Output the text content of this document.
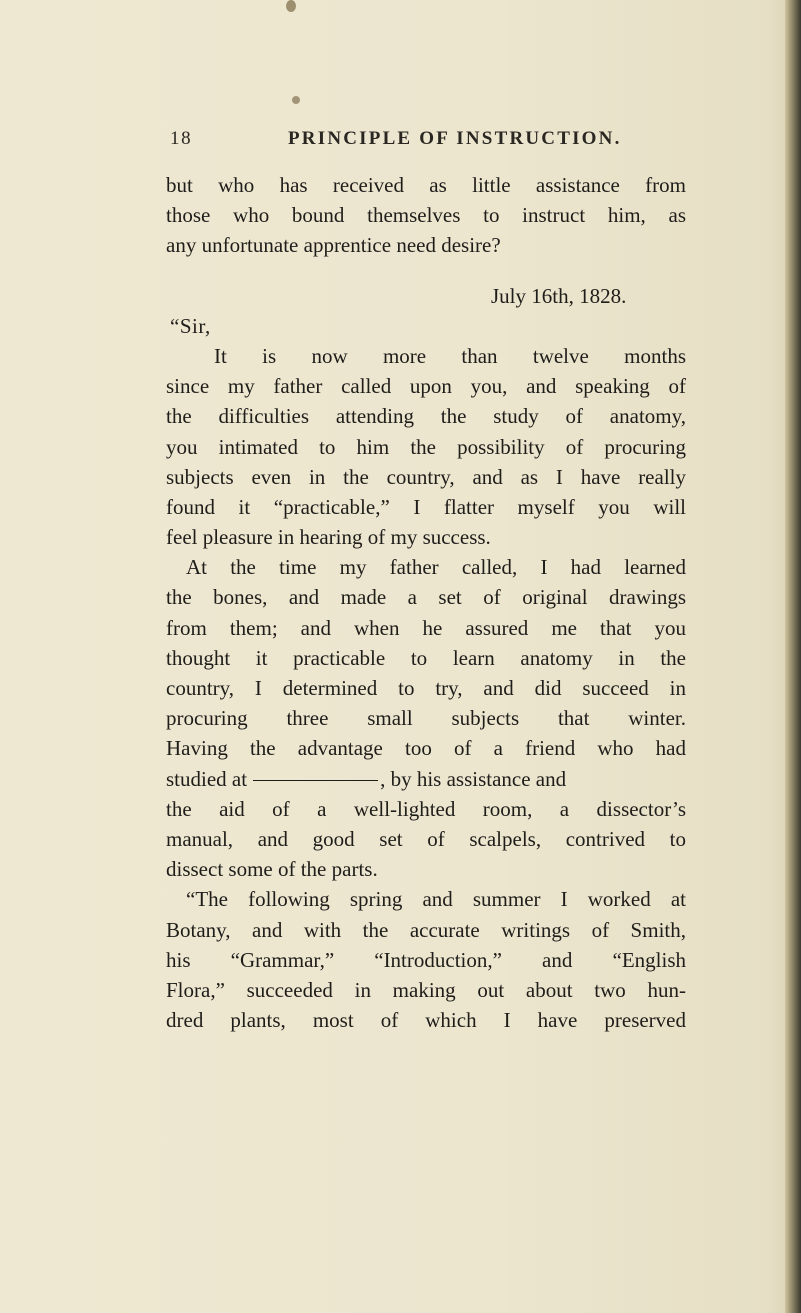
18	PRINCIPLE OF INSTRUCTION.
but who has received as little assistance from
those who bound themselves to instruct him, as
any unfortunate apprentice need desire?
July 16th, 1828.
“Sir,
It is now more than twelve months
since my father called upon you, and speaking of
the difficulties attending the study of anatomy,
you intimated to him the possibility of procuring
subjects even in the country, and as I have really
found it “practicable,” I flatter myself you will
feel pleasure in hearing of my success.
At the time my father called, I had learned
the bones, and made a set of original drawings
from them; and when he assured me that you
thought it practicable to learn anatomy in the
country, I determined to try, and did succeed in
procuring three small subjects that winter.
Having the advantage too of a friend who had
studied at	, by his assistance and
the aid of a well-lighted room, a dissector’s
manual, and good set of scalpels, contrived to
dissect some of the parts.
“The following spring and summer I worked at
Botany, and with the accurate writings of Smith,
his “Grammar,” “Introduction,” and “English
Flora,” succeeded in making out about two hun-
dred plants, most of which I have preserved
